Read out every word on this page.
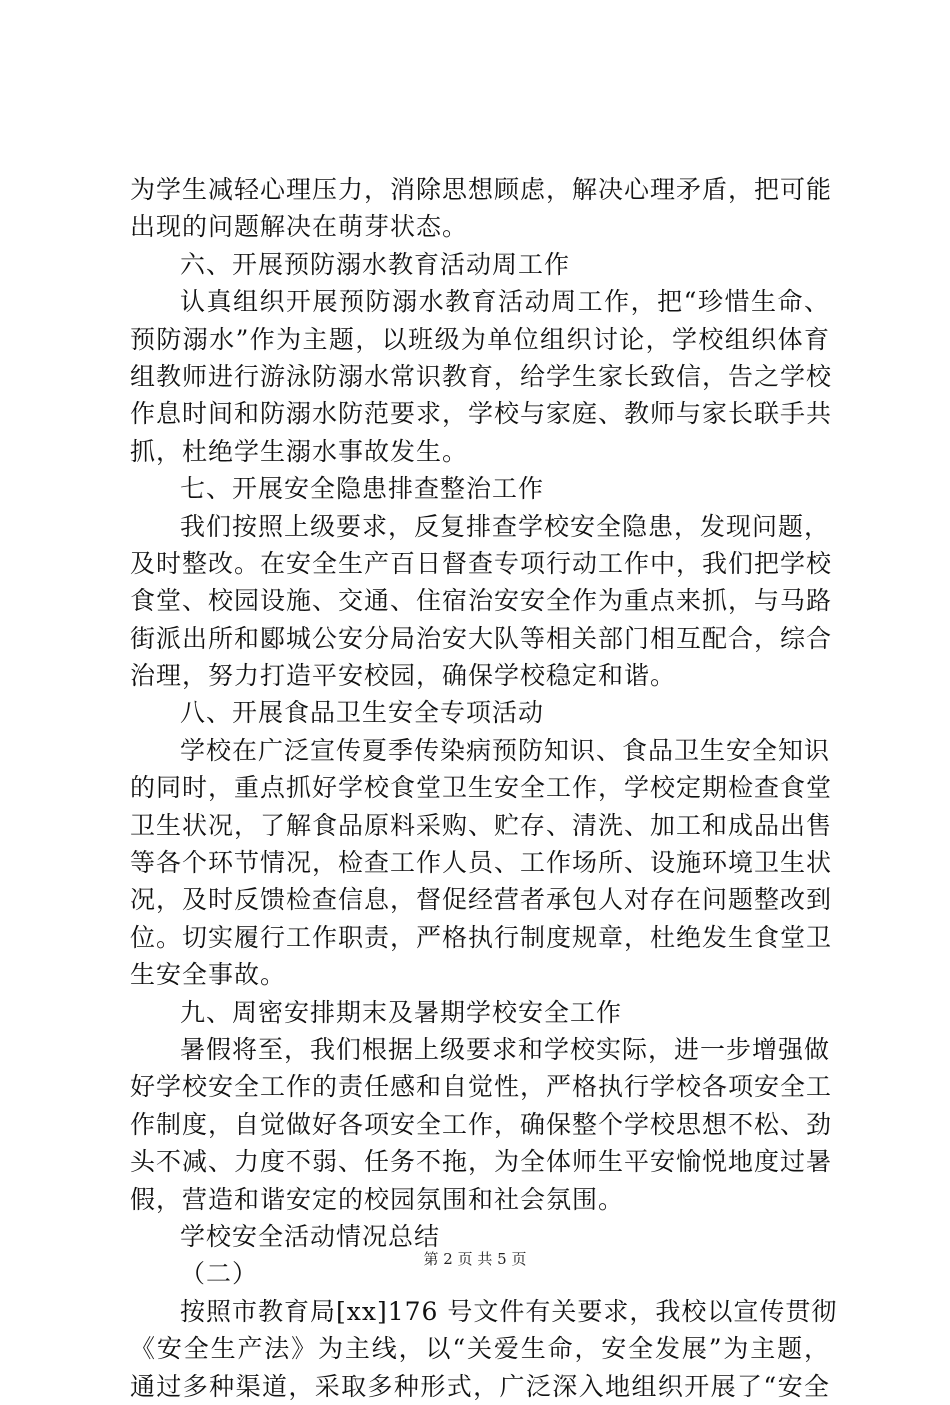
为学生减轻心理压力，消除思想顾虑，解决心理矛盾，把可能
出现的问题解决在萌芽状态。
六、开展预防溺水教育活动周工作
认真组织开展预防溺水教育活动周工作，把“珍惜生命、
预防溺水”作为主题，以班级为单位组织讨论，学校组织体育
组教师进行游泳防溺水常识教育，给学生家长致信，告之学校
作息时间和防溺水防范要求，学校与家庭、教师与家长联手共
抓，杜绝学生溺水事故发生。
七、开展安全隐患排查整治工作
我们按照上级要求，反复排查学校安全隐患，发现问题，
及时整改。在安全生产百日督查专项行动工作中，我们把学校
食堂、校园设施、交通、住宿治安安全作为重点来抓，与马路
街派出所和郾城公安分局治安大队等相关部门相互配合，综合
治理，努力打造平安校园，确保学校稳定和谐。
八、开展食品卫生安全专项活动
学校在广泛宣传夏季传染病预防知识、食品卫生安全知识
的同时，重点抓好学校食堂卫生安全工作，学校定期检查食堂
卫生状况，了解食品原料采购、贮存、清洗、加工和成品出售
等各个环节情况，检查工作人员、工作场所、设施环境卫生状
况，及时反馈检查信息，督促经营者承包人对存在问题整改到
位。切实履行工作职责，严格执行制度规章，杜绝发生食堂卫
生安全事故。
九、周密安排期末及暑期学校安全工作
暑假将至，我们根据上级要求和学校实际，进一步增强做
好学校安全工作的责任感和自觉性，严格执行学校各项安全工
作制度，自觉做好各项安全工作，确保整个学校思想不松、劲
头不减、力度不弱、任务不拖，为全体师生平安愉悦地度过暑
假，营造和谐安定的校园氛围和社会氛围。
学校安全活动情况总结
（二）
按照市教育局[xx]176 号文件有关要求，我校以宣传贯彻
《安全生产法》为主线，以“关爱生命，安全发展”为主题，
通过多种渠道，采取多种形式，广泛深入地组织开展了“安全
第 2 页 共 5 页
